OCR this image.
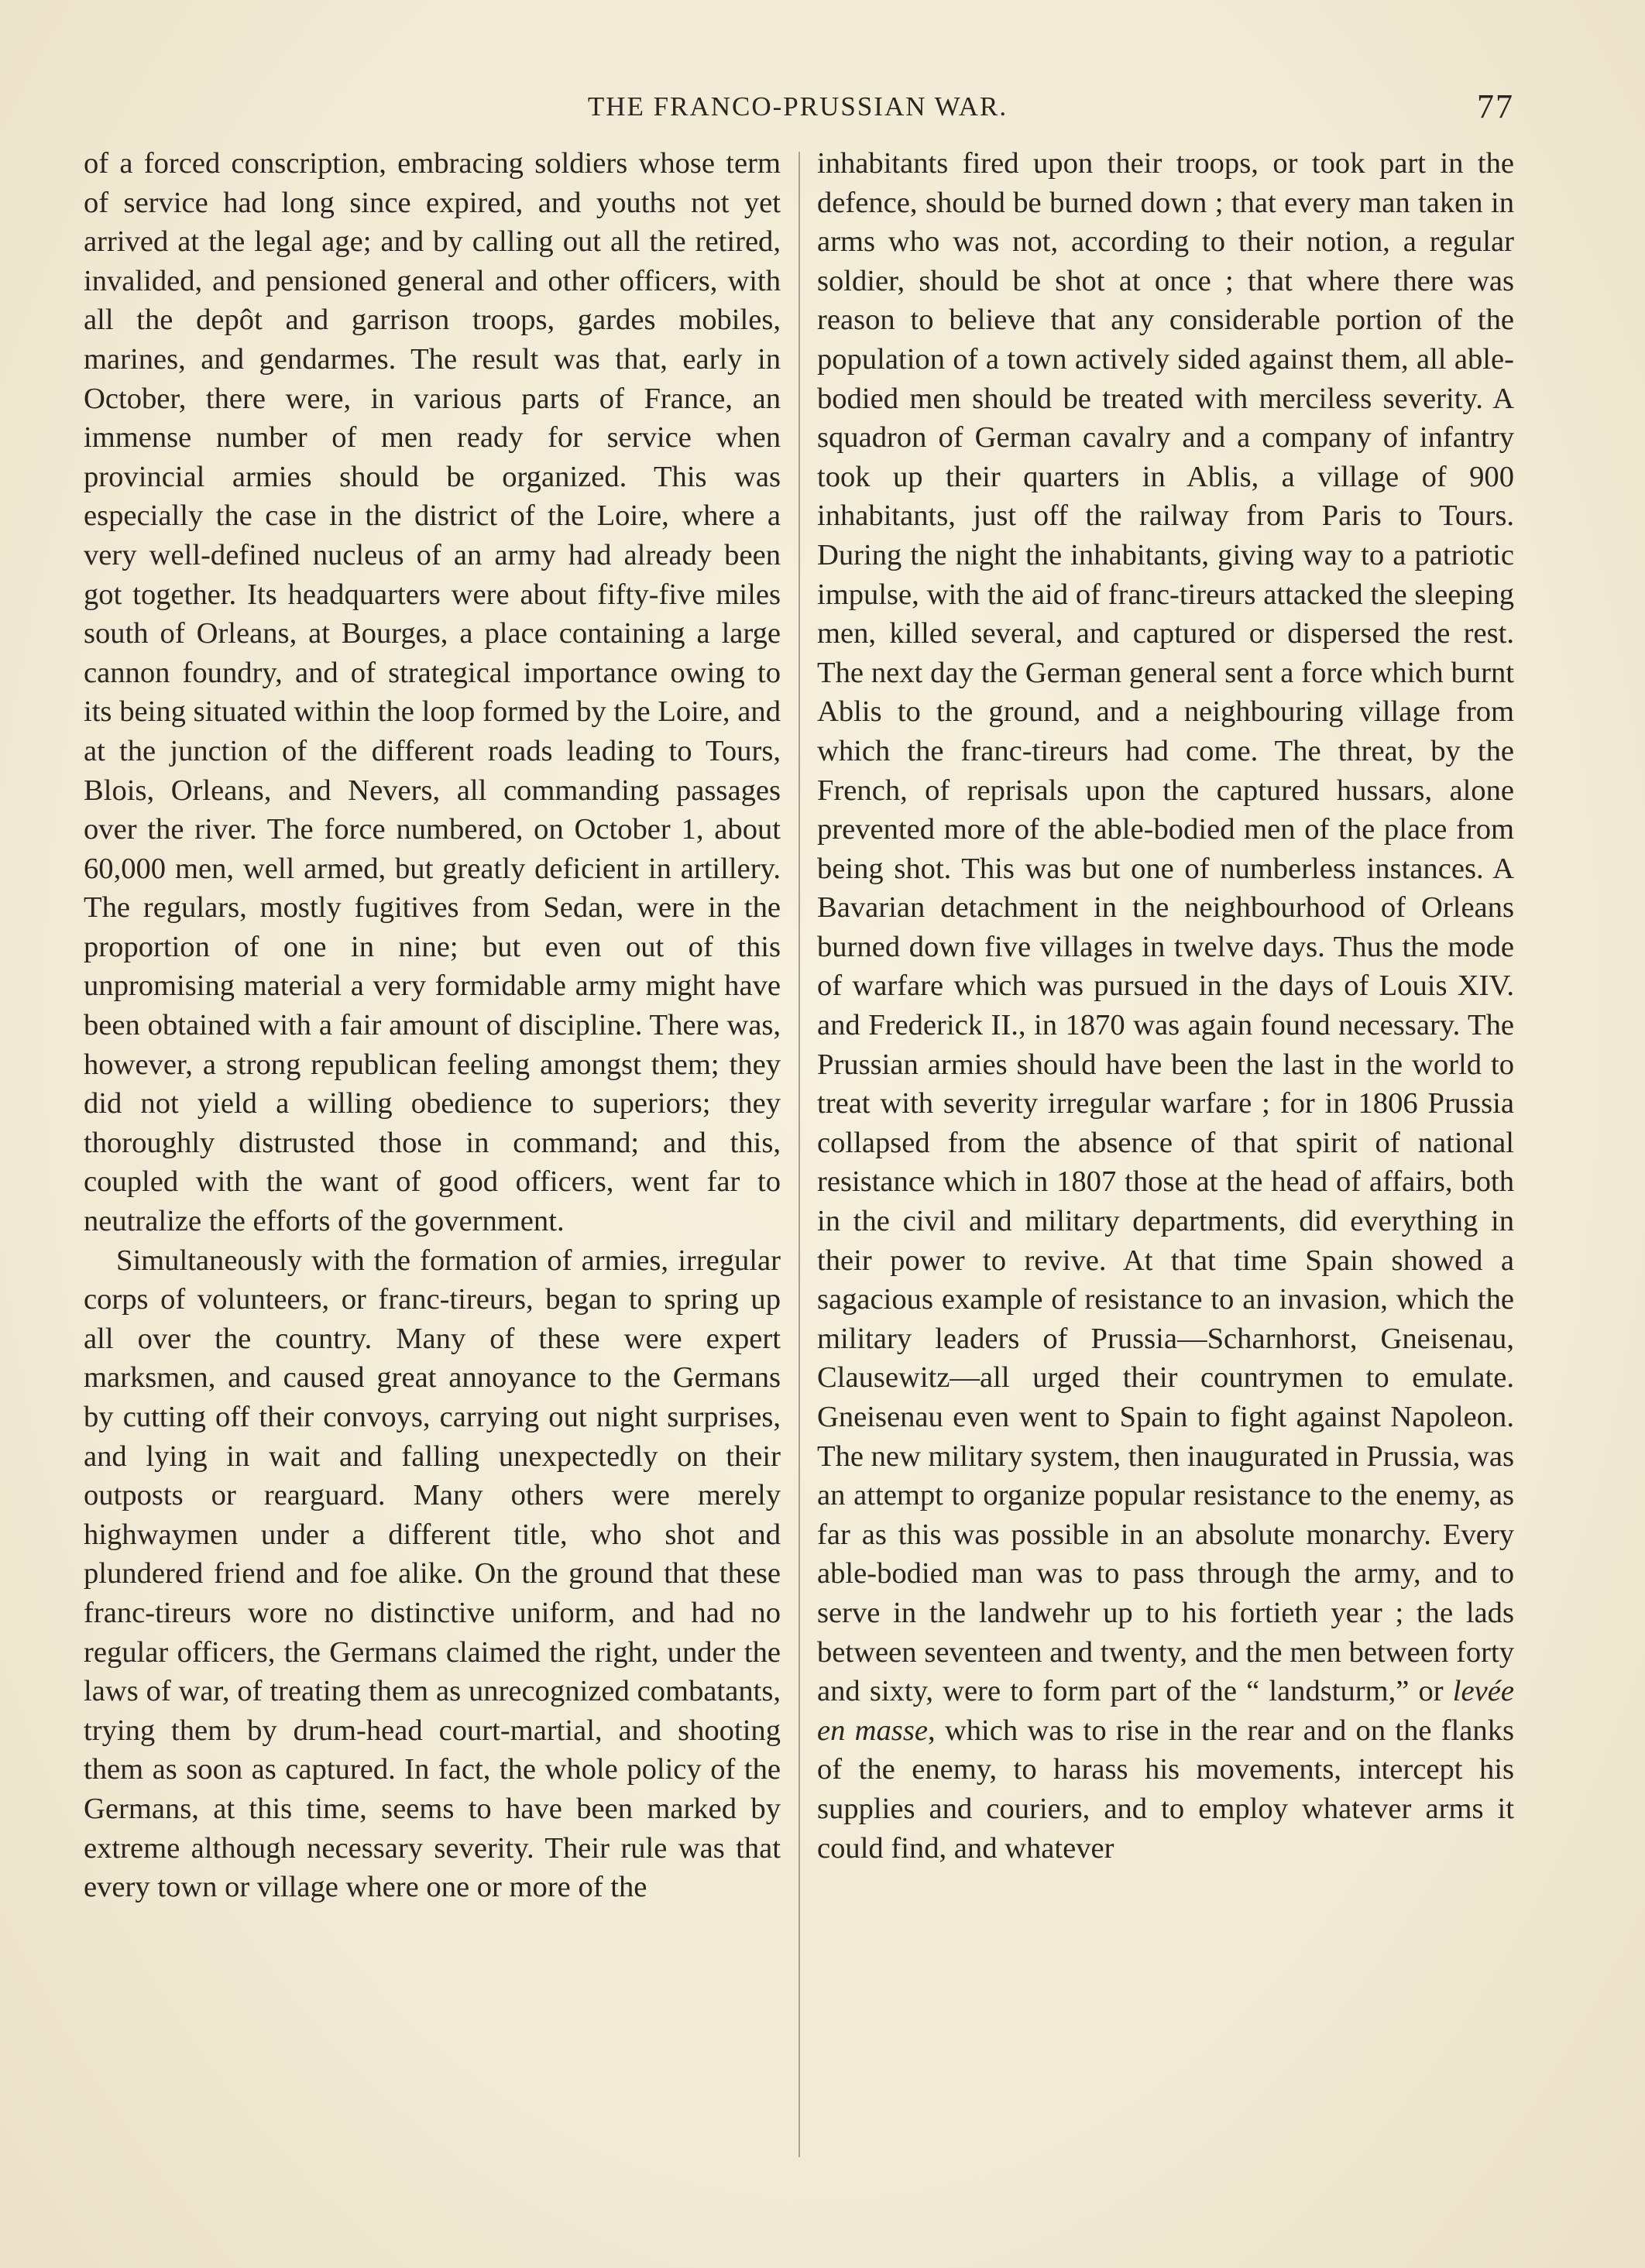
THE FRANCO-PRUSSIAN WAR.	77

of a forced conscription, embracing soldiers whose term of service had long since expired, and youths not yet arrived at the legal age; and by calling out all the retired, invalided, and pensioned general and other officers, with all the depôt and garrison troops, gardes mobiles, marines, and gendarmes. The result was that, early in October, there were, in various parts of France, an immense number of men ready for service when provincial armies should be organized. This was especially the case in the district of the Loire, where a very well-defined nucleus of an army had already been got together. Its headquarters were about fifty-five miles south of Orleans, at Bourges, a place containing a large cannon foundry, and of strategical importance owing to its being situated within the loop formed by the Loire, and at the junction of the different roads leading to Tours, Blois, Orleans, and Nevers, all commanding passages over the river. The force numbered, on October 1, about 60,000 men, well armed, but greatly deficient in artillery. The regulars, mostly fugitives from Sedan, were in the proportion of one in nine; but even out of this unpromising material a very formidable army might have been obtained with a fair amount of discipline. There was, however, a strong republican feeling amongst them; they did not yield a willing obedience to superiors; they thoroughly distrusted those in command; and this, coupled with the want of good officers, went far to neutralize the efforts of the government.

Simultaneously with the formation of armies, irregular corps of volunteers, or franc-tireurs, began to spring up all over the country. Many of these were expert marksmen, and caused great annoyance to the Germans by cutting off their convoys, carrying out night surprises, and lying in wait and falling unexpectedly on their outposts or rearguard. Many others were merely highwaymen under a different title, who shot and plundered friend and foe alike. On the ground that these franc-tireurs wore no distinctive uniform, and had no regular officers, the Germans claimed the right, under the laws of war, of treating them as unrecognized combatants, trying them by drum-head court-martial, and shooting them as soon as captured. In fact, the whole policy of the Germans, at this time, seems to have been marked by extreme although necessary severity. Their rule was that every town or village where one or more of the

inhabitants fired upon their troops, or took part in the defence, should be burned down ; that every man taken in arms who was not, according to their notion, a regular soldier, should be shot at once ; that where there was reason to believe that any considerable portion of the population of a town actively sided against them, all able-bodied men should be treated with merciless severity. A squadron of German cavalry and a company of infantry took up their quarters in Ablis, a village of 900 inhabitants, just off the railway from Paris to Tours. During the night the inhabitants, giving way to a patriotic impulse, with the aid of franc-tireurs attacked the sleeping men, killed several, and captured or dispersed the rest. The next day the German general sent a force which burnt Ablis to the ground, and a neighbouring village from which the franc-tireurs had come. The threat, by the French, of reprisals upon the captured hussars, alone prevented more of the able-bodied men of the place from being shot. This was but one of numberless instances. A Bavarian detachment in the neighbourhood of Orleans burned down five villages in twelve days. Thus the mode of warfare which was pursued in the days of Louis XIV. and Frederick II., in 1870 was again found necessary. The Prussian armies should have been the last in the world to treat with severity irregular warfare ; for in 1806 Prussia collapsed from the absence of that spirit of national resistance which in 1807 those at the head of affairs, both in the civil and military departments, did everything in their power to revive. At that time Spain showed a sagacious example of resistance to an invasion, which the military leaders of Prussia—Scharnhorst, Gneisenau, Clausewitz—all urged their countrymen to emulate. Gneisenau even went to Spain to fight against Napoleon. The new military system, then inaugurated in Prussia, was an attempt to organize popular resistance to the enemy, as far as this was possible in an absolute monarchy. Every able-bodied man was to pass through the army, and to serve in the landwehr up to his fortieth year ; the lads between seventeen and twenty, and the men between forty and sixty, were to form part of the “ landsturm,” or levée en masse, which was to rise in the rear and on the flanks of the enemy, to harass his movements, intercept his supplies and couriers, and to employ whatever arms it could find, and whatever
